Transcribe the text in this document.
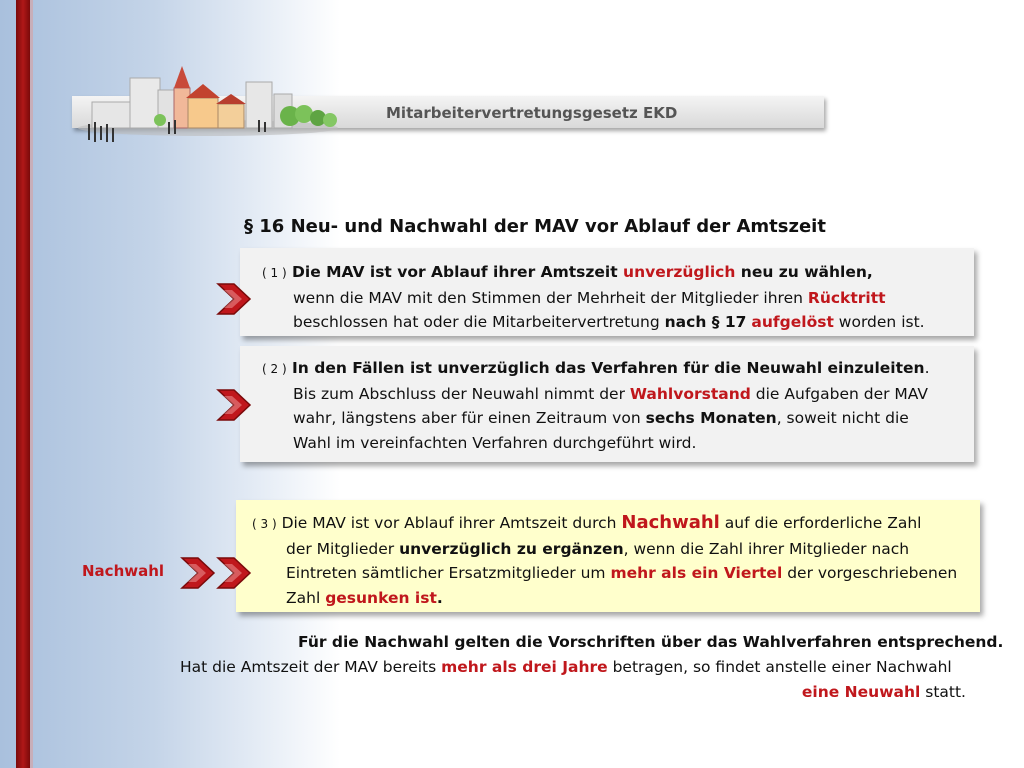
Mitarbeitervertretungsgesetz EKD
§ 16 Neu- und Nachwahl der MAV vor Ablauf der Amtszeit
( 1 ) Die MAV ist vor Ablauf ihrer Amtszeit unverzüglich neu zu wählen,
wenn die MAV mit den Stimmen der Mehrheit der Mitglieder ihren Rücktritt
beschlossen hat oder die Mitarbeitervertretung nach § 17 aufgelöst worden ist.
( 2 ) In den Fällen ist unverzüglich das Verfahren für die Neuwahl einzuleiten.
Bis zum Abschluss der Neuwahl nimmt der Wahlvorstand die Aufgaben der MAV
wahr, längstens aber für einen Zeitraum von sechs Monaten, soweit nicht die
Wahl im vereinfachten Verfahren durchgeführt wird.
Nachwahl
( 3 ) Die MAV ist vor Ablauf ihrer Amtszeit durch Nachwahl auf die erforderliche Zahl
der Mitglieder unverzüglich zu ergänzen, wenn die Zahl ihrer Mitglieder nach
Eintreten sämtlicher Ersatzmitglieder um mehr als ein Viertel der vorgeschriebenen
Zahl gesunken ist.
Für die Nachwahl gelten die Vorschriften über das Wahlverfahren entsprechend.
Hat die Amtszeit der MAV bereits mehr als drei Jahre betragen, so findet anstelle einer Nachwahl
eine Neuwahl statt.
